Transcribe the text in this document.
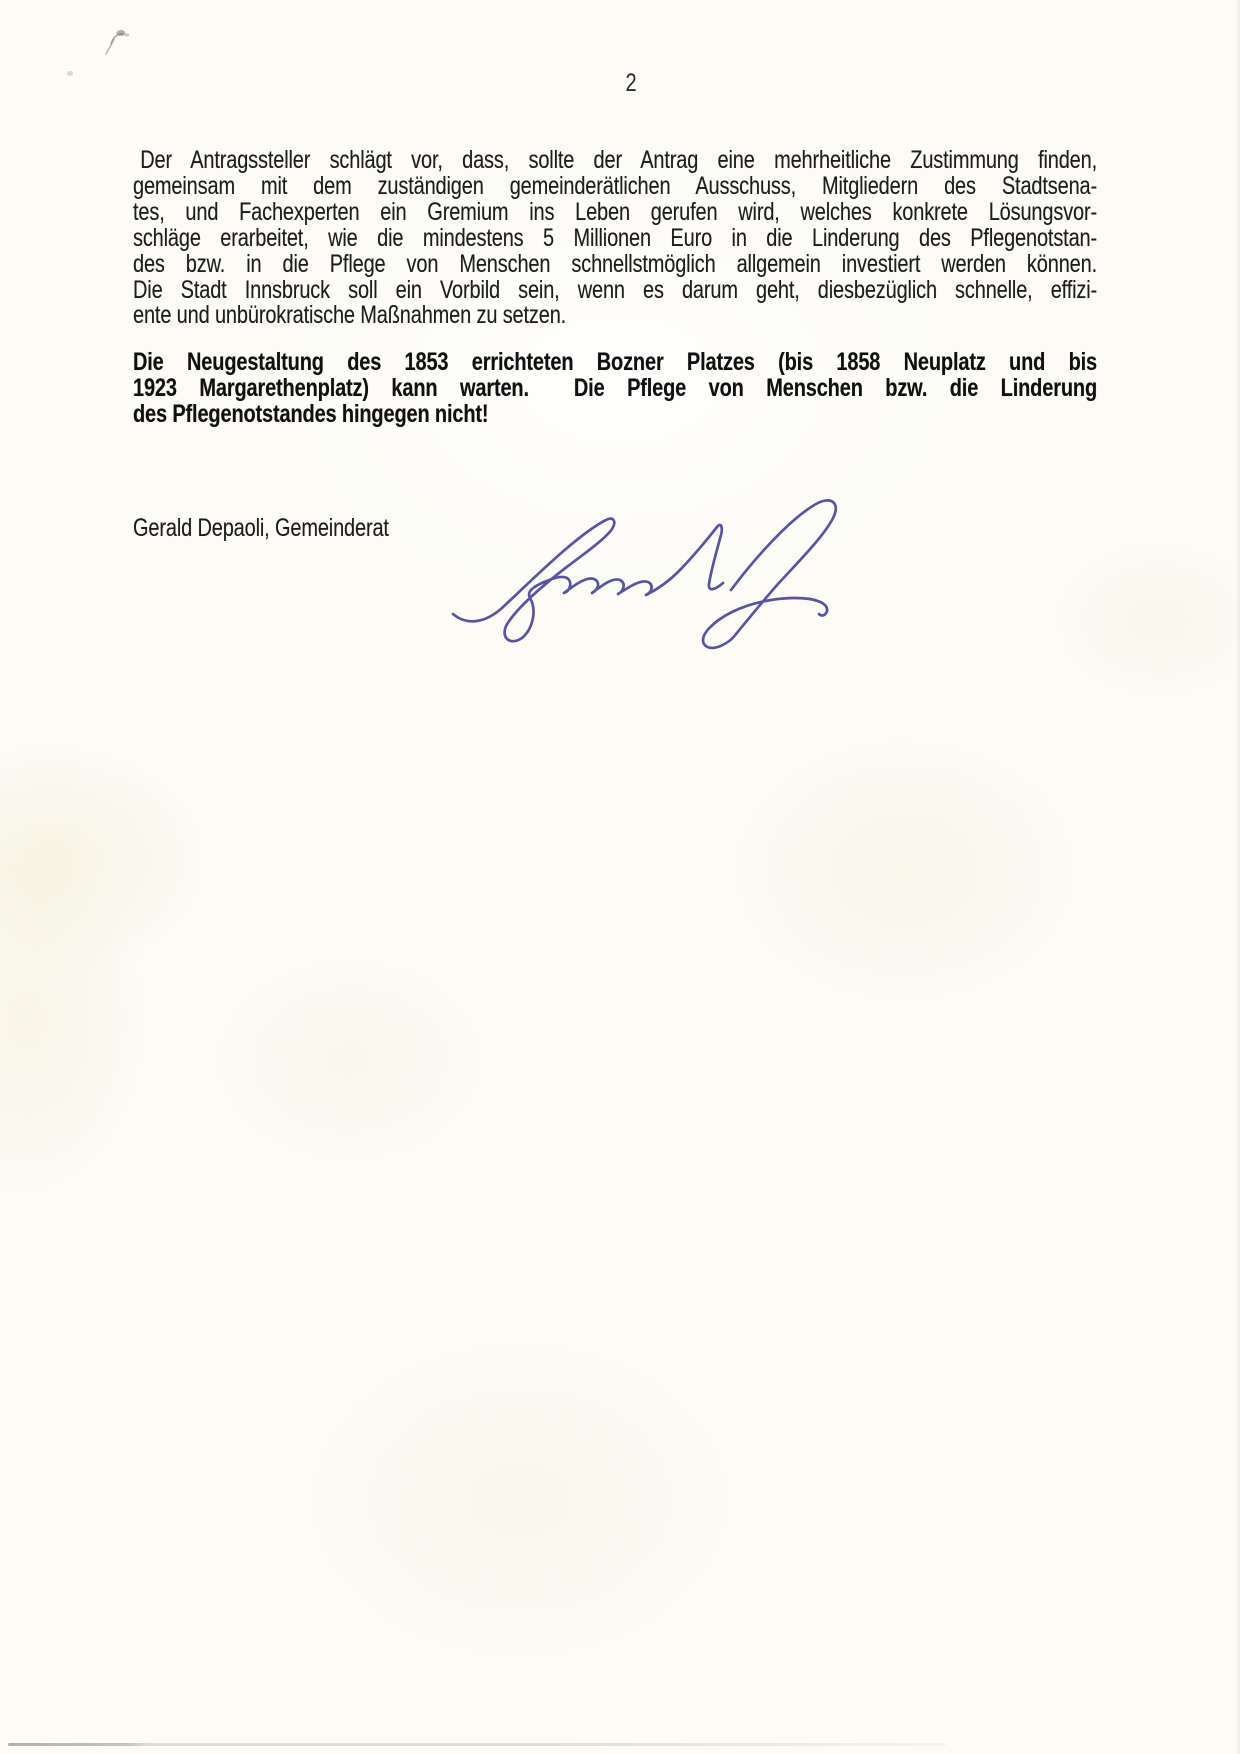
2
Der Antragssteller schlägt vor, dass, sollte der Antrag eine mehrheitliche Zustimmung finden,
gemeinsam mit dem zuständigen gemeinderätlichen Ausschuss, Mitgliedern des Stadtsena-
tes, und Fachexperten ein Gremium ins Leben gerufen wird, welches konkrete Lösungsvor-
schläge erarbeitet, wie die mindestens 5 Millionen Euro in die Linderung des Pflegenotstan-
des bzw. in die Pflege von Menschen schnellstmöglich allgemein investiert werden können.
Die Stadt Innsbruck soll ein Vorbild sein, wenn es darum geht, diesbezüglich schnelle, effizi-
ente und unbürokratische Maßnahmen zu setzen.
Die Neugestaltung des 1853 errichteten Bozner Platzes (bis 1858 Neuplatz und bis
1923 Margarethenplatz) kann warten.  Die Pflege von Menschen bzw. die Linderung
des Pflegenotstandes hingegen nicht!
Gerald Depaoli, Gemeinderat
